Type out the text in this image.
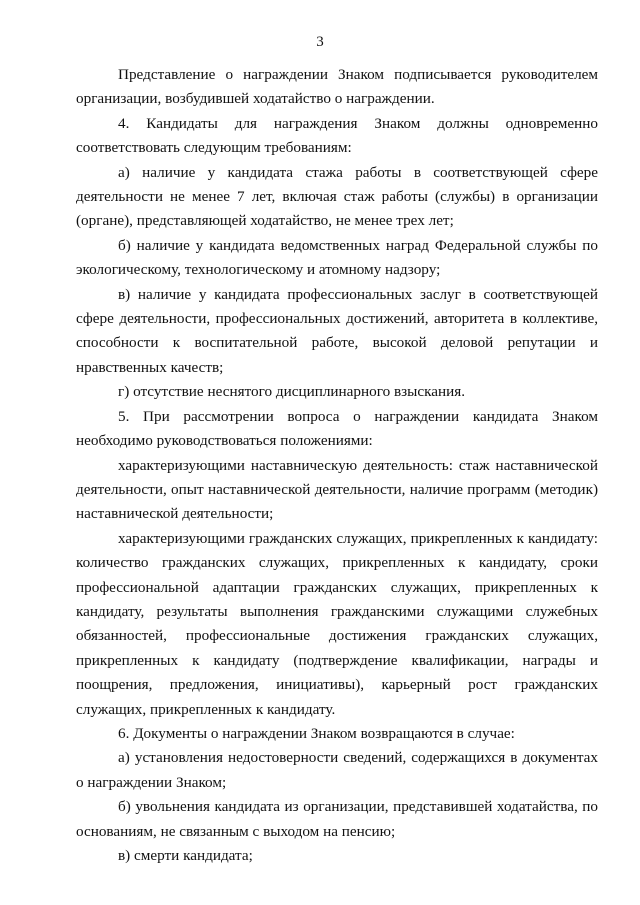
3

Представление о награждении Знаком подписывается руководителем организации, возбудившей ходатайство о награждении.

4. Кандидаты для награждения Знаком должны одновременно соответствовать следующим требованиям:

а) наличие у кандидата стажа работы в соответствующей сфере деятельности не менее 7 лет, включая стаж работы (службы) в организации (органе), представляющей ходатайство, не менее трех лет;

б) наличие у кандидата ведомственных наград Федеральной службы по экологическому, технологическому и атомному надзору;

в) наличие у кандидата профессиональных заслуг в соответствующей сфере деятельности, профессиональных достижений, авторитета в коллективе, способности к воспитательной работе, высокой деловой репутации и нравственных качеств;

г) отсутствие неснятого дисциплинарного взыскания.

5. При рассмотрении вопроса о награждении кандидата Знаком необходимо руководствоваться положениями:

характеризующими наставническую деятельность: стаж наставнической деятельности, опыт наставнической деятельности, наличие программ (методик) наставнической деятельности;

характеризующими гражданских служащих, прикрепленных к кандидату: количество гражданских служащих, прикрепленных к кандидату, сроки профессиональной адаптации гражданских служащих, прикрепленных к кандидату, результаты выполнения гражданскими служащими служебных обязанностей, профессиональные достижения гражданских служащих, прикрепленных к кандидату (подтверждение квалификации, награды и поощрения, предложения, инициативы), карьерный рост гражданских служащих, прикрепленных к кандидату.

6. Документы о награждении Знаком возвращаются в случае:

а) установления недостоверности сведений, содержащихся в документах о награждении Знаком;

б) увольнения кандидата из организации, представившей ходатайства, по основаниям, не связанным с выходом на пенсию;

в) смерти кандидата;
